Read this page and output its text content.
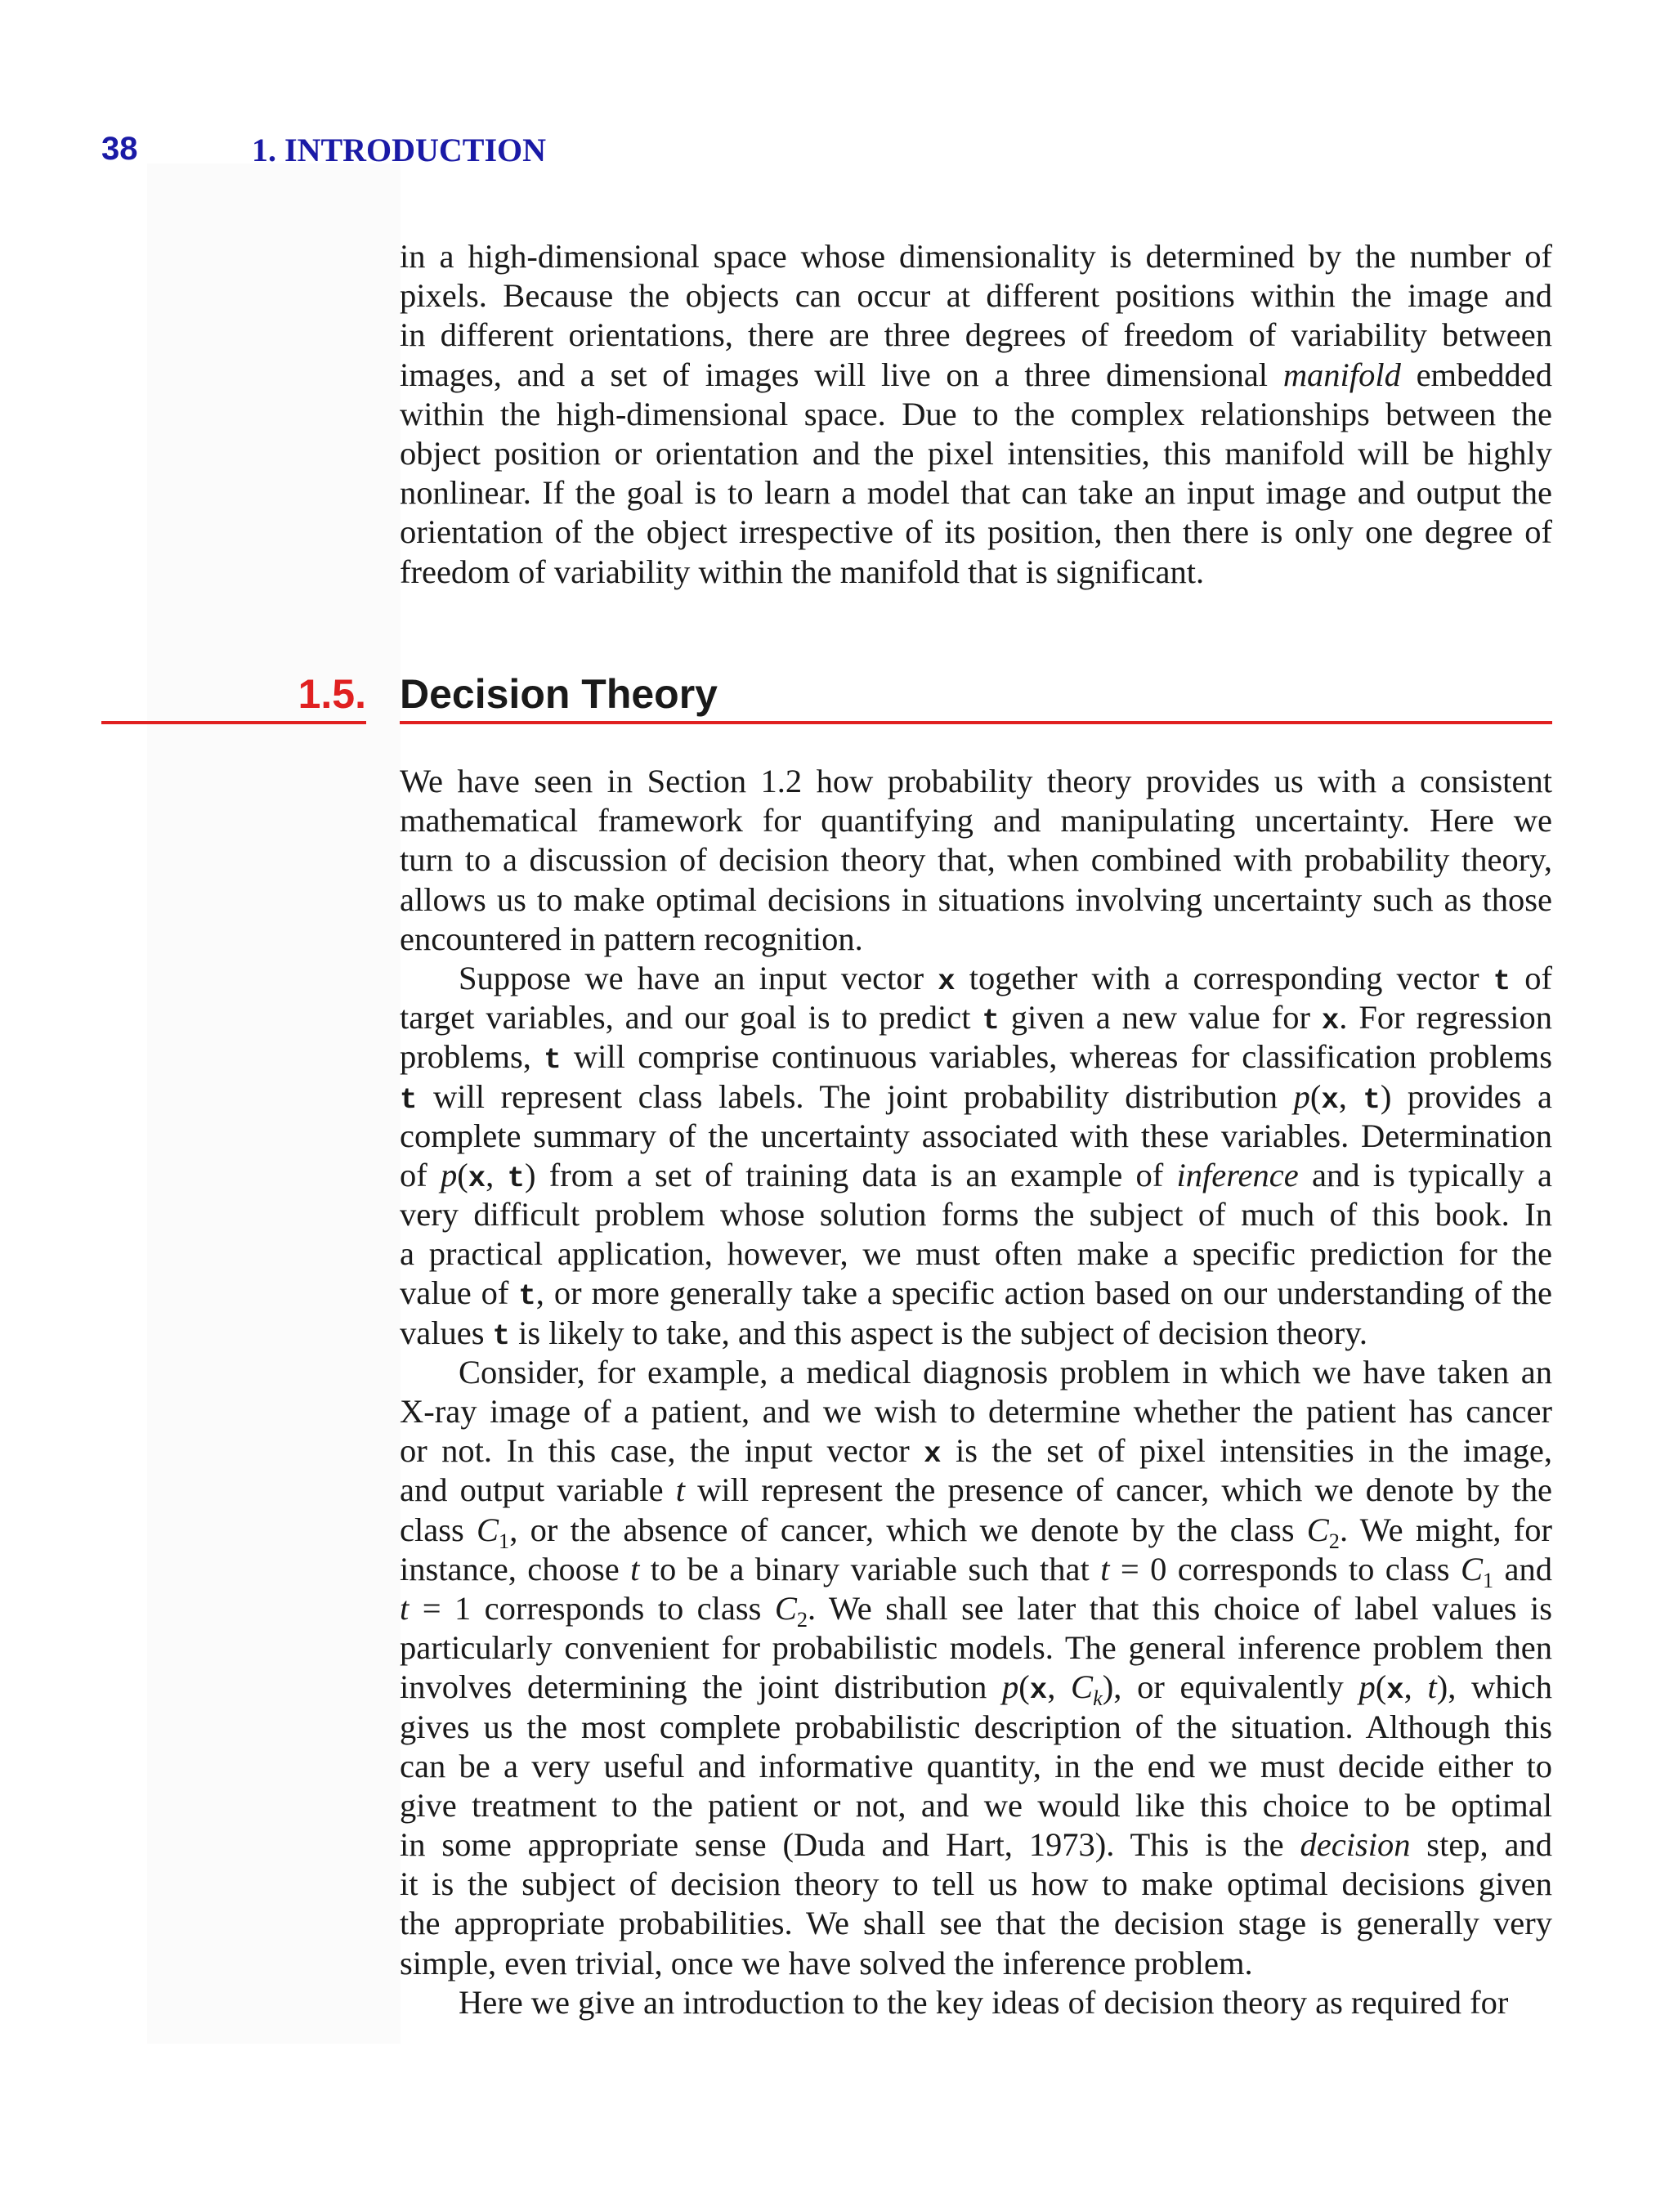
38	1. INTRODUCTION
in a high-dimensional space whose dimensionality is determined by the number of
pixels. Because the objects can occur at different positions within the image and
in different orientations, there are three degrees of freedom of variability between
images, and a set of images will live on a three dimensional manifold embedded
within the high-dimensional space. Due to the complex relationships between the
object position or orientation and the pixel intensities, this manifold will be highly
nonlinear. If the goal is to learn a model that can take an input image and output the
orientation of the object irrespective of its position, then there is only one degree of
freedom of variability within the manifold that is significant.
1.5. Decision Theory
We have seen in Section 1.2 how probability theory provides us with a consistent
mathematical framework for quantifying and manipulating uncertainty. Here we
turn to a discussion of decision theory that, when combined with probability theory,
allows us to make optimal decisions in situations involving uncertainty such as those
encountered in pattern recognition.
Suppose we have an input vector x together with a corresponding vector t of
target variables, and our goal is to predict t given a new value for x. For regression
problems, t will comprise continuous variables, whereas for classification problems
t will represent class labels. The joint probability distribution p(x, t) provides a
complete summary of the uncertainty associated with these variables. Determination
of p(x, t) from a set of training data is an example of inference and is typically a
very difficult problem whose solution forms the subject of much of this book. In
a practical application, however, we must often make a specific prediction for the
value of t, or more generally take a specific action based on our understanding of the
values t is likely to take, and this aspect is the subject of decision theory.
Consider, for example, a medical diagnosis problem in which we have taken an
X-ray image of a patient, and we wish to determine whether the patient has cancer
or not. In this case, the input vector x is the set of pixel intensities in the image,
and output variable t will represent the presence of cancer, which we denote by the
class $C_1$, or the absence of cancer, which we denote by the class $C_2$. We might, for
instance, choose t to be a binary variable such that t = 0 corresponds to class $C_1$ and
t = 1 corresponds to class $C_2$. We shall see later that this choice of label values is
particularly convenient for probabilistic models. The general inference problem then
involves determining the joint distribution p(x, $C_k$), or equivalently p(x, t), which
gives us the most complete probabilistic description of the situation. Although this
can be a very useful and informative quantity, in the end we must decide either to
give treatment to the patient or not, and we would like this choice to be optimal
in some appropriate sense (Duda and Hart, 1973). This is the decision step, and
it is the subject of decision theory to tell us how to make optimal decisions given
the appropriate probabilities. We shall see that the decision stage is generally very
simple, even trivial, once we have solved the inference problem.
Here we give an introduction to the key ideas of decision theory as required for
